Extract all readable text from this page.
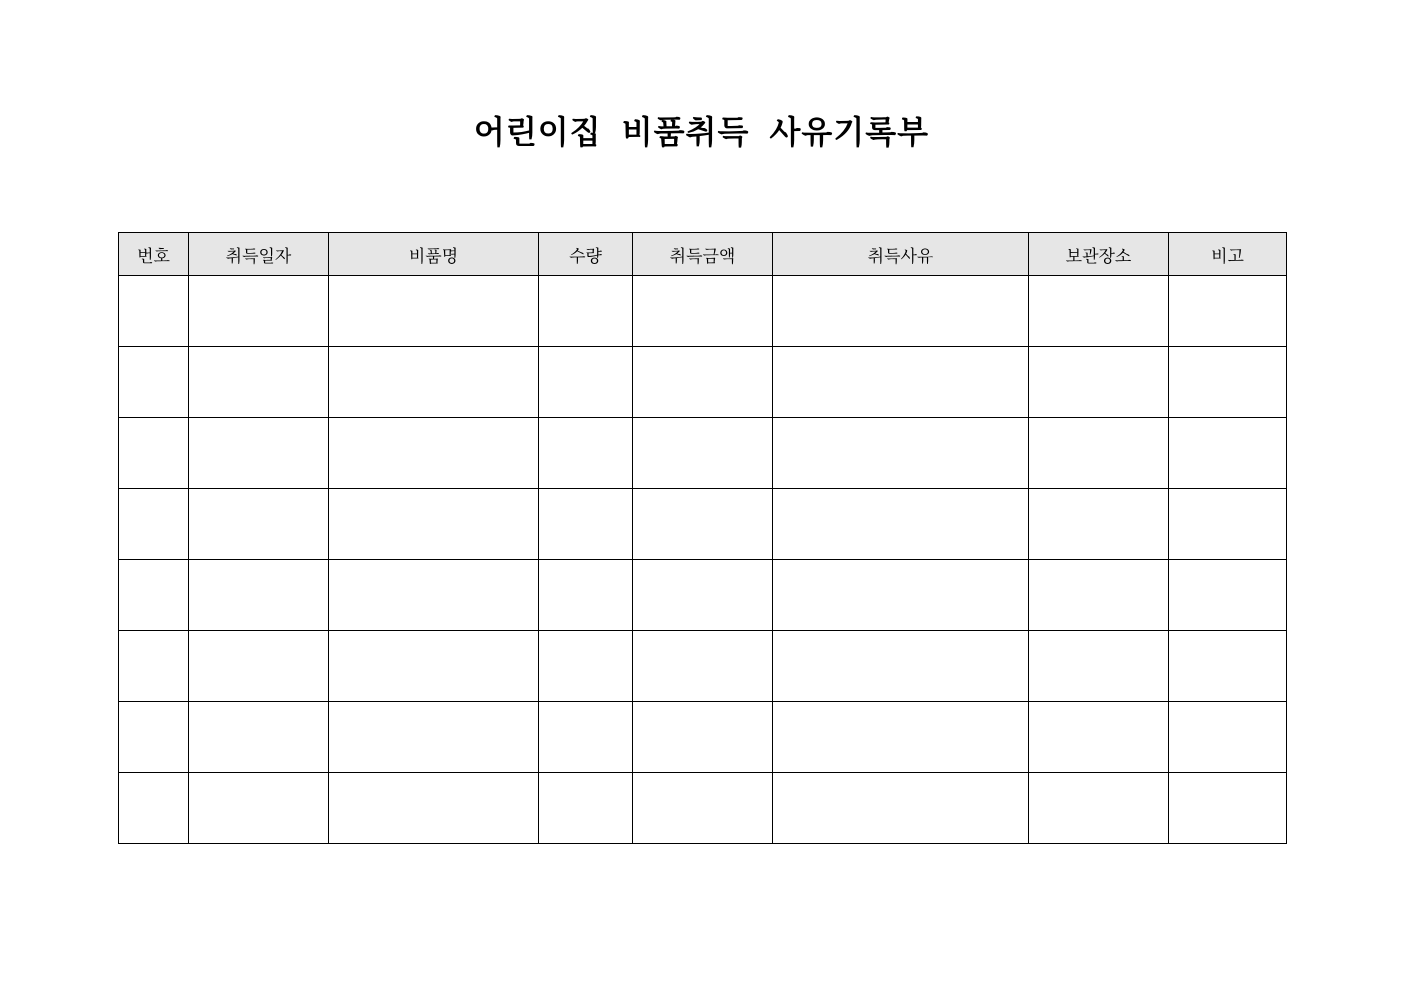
어린이집 비품취득 사유기록부
번호	취득일자	비품명	수량	취득금액	취득사유	보관장소	비고
